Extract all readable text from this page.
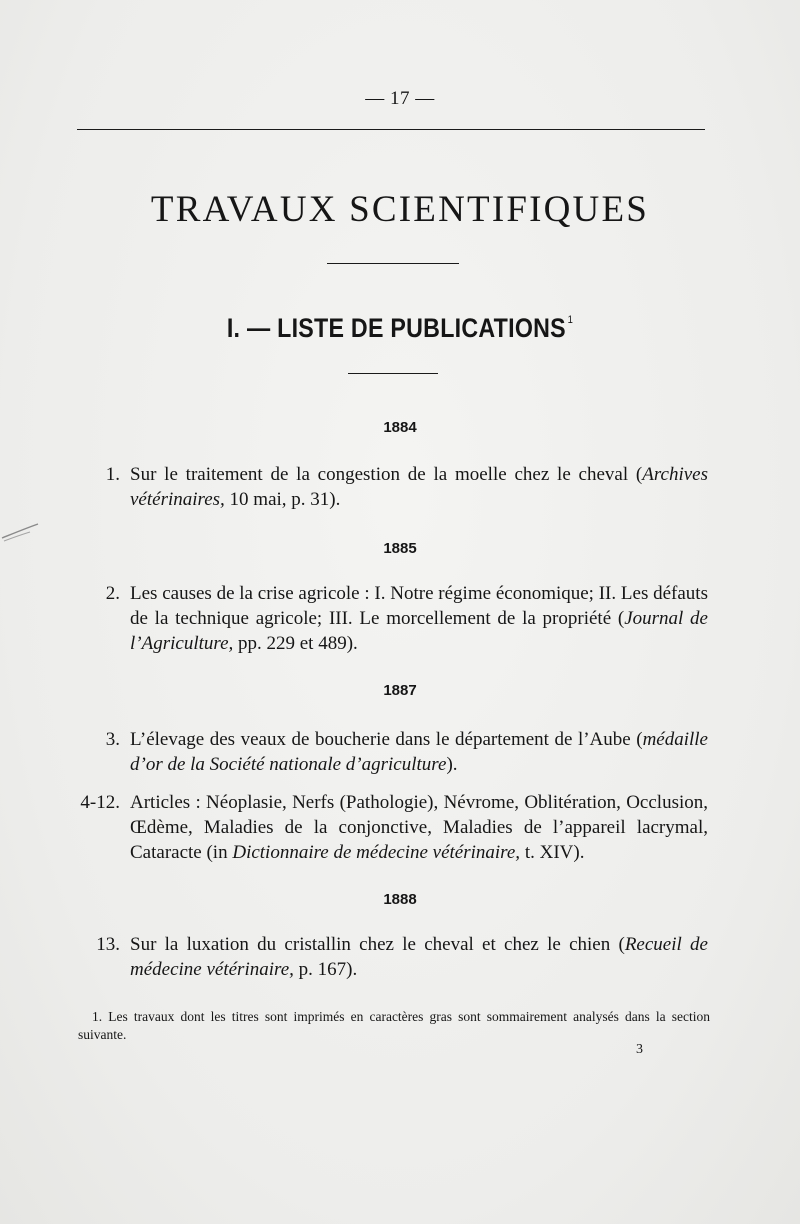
— 17 —
TRAVAUX SCIENTIFIQUES
I. — LISTE DE PUBLICATIONS $^1$
1884
1. Sur le traitement de la congestion de la moelle chez le cheval (Archives vétérinaires, 10 mai, p. 31).
1885
2. Les causes de la crise agricole : I. Notre régime économique; II. Les défauts de la technique agricole; III. Le morcellement de la propriété (Journal de l’Agriculture, pp. 229 et 489).
1887
3. L’élevage des veaux de boucherie dans le département de l’Aube (médaille d’or de la Société nationale d’agriculture).
4-12. Articles : Néoplasie, Nerfs (Pathologie), Névrome, Oblitération, Occlusion, Œdème, Maladies de la conjonctive, Maladies de l’appareil lacrymal, Cataracte (in Dictionnaire de médecine vétérinaire, t. XIV).
1888
13. Sur la luxation du cristallin chez le cheval et chez le chien (Recueil de médecine vétérinaire, p. 167).
1. Les travaux dont les titres sont imprimés en caractères gras sont sommairement analysés dans la section suivante.
3
